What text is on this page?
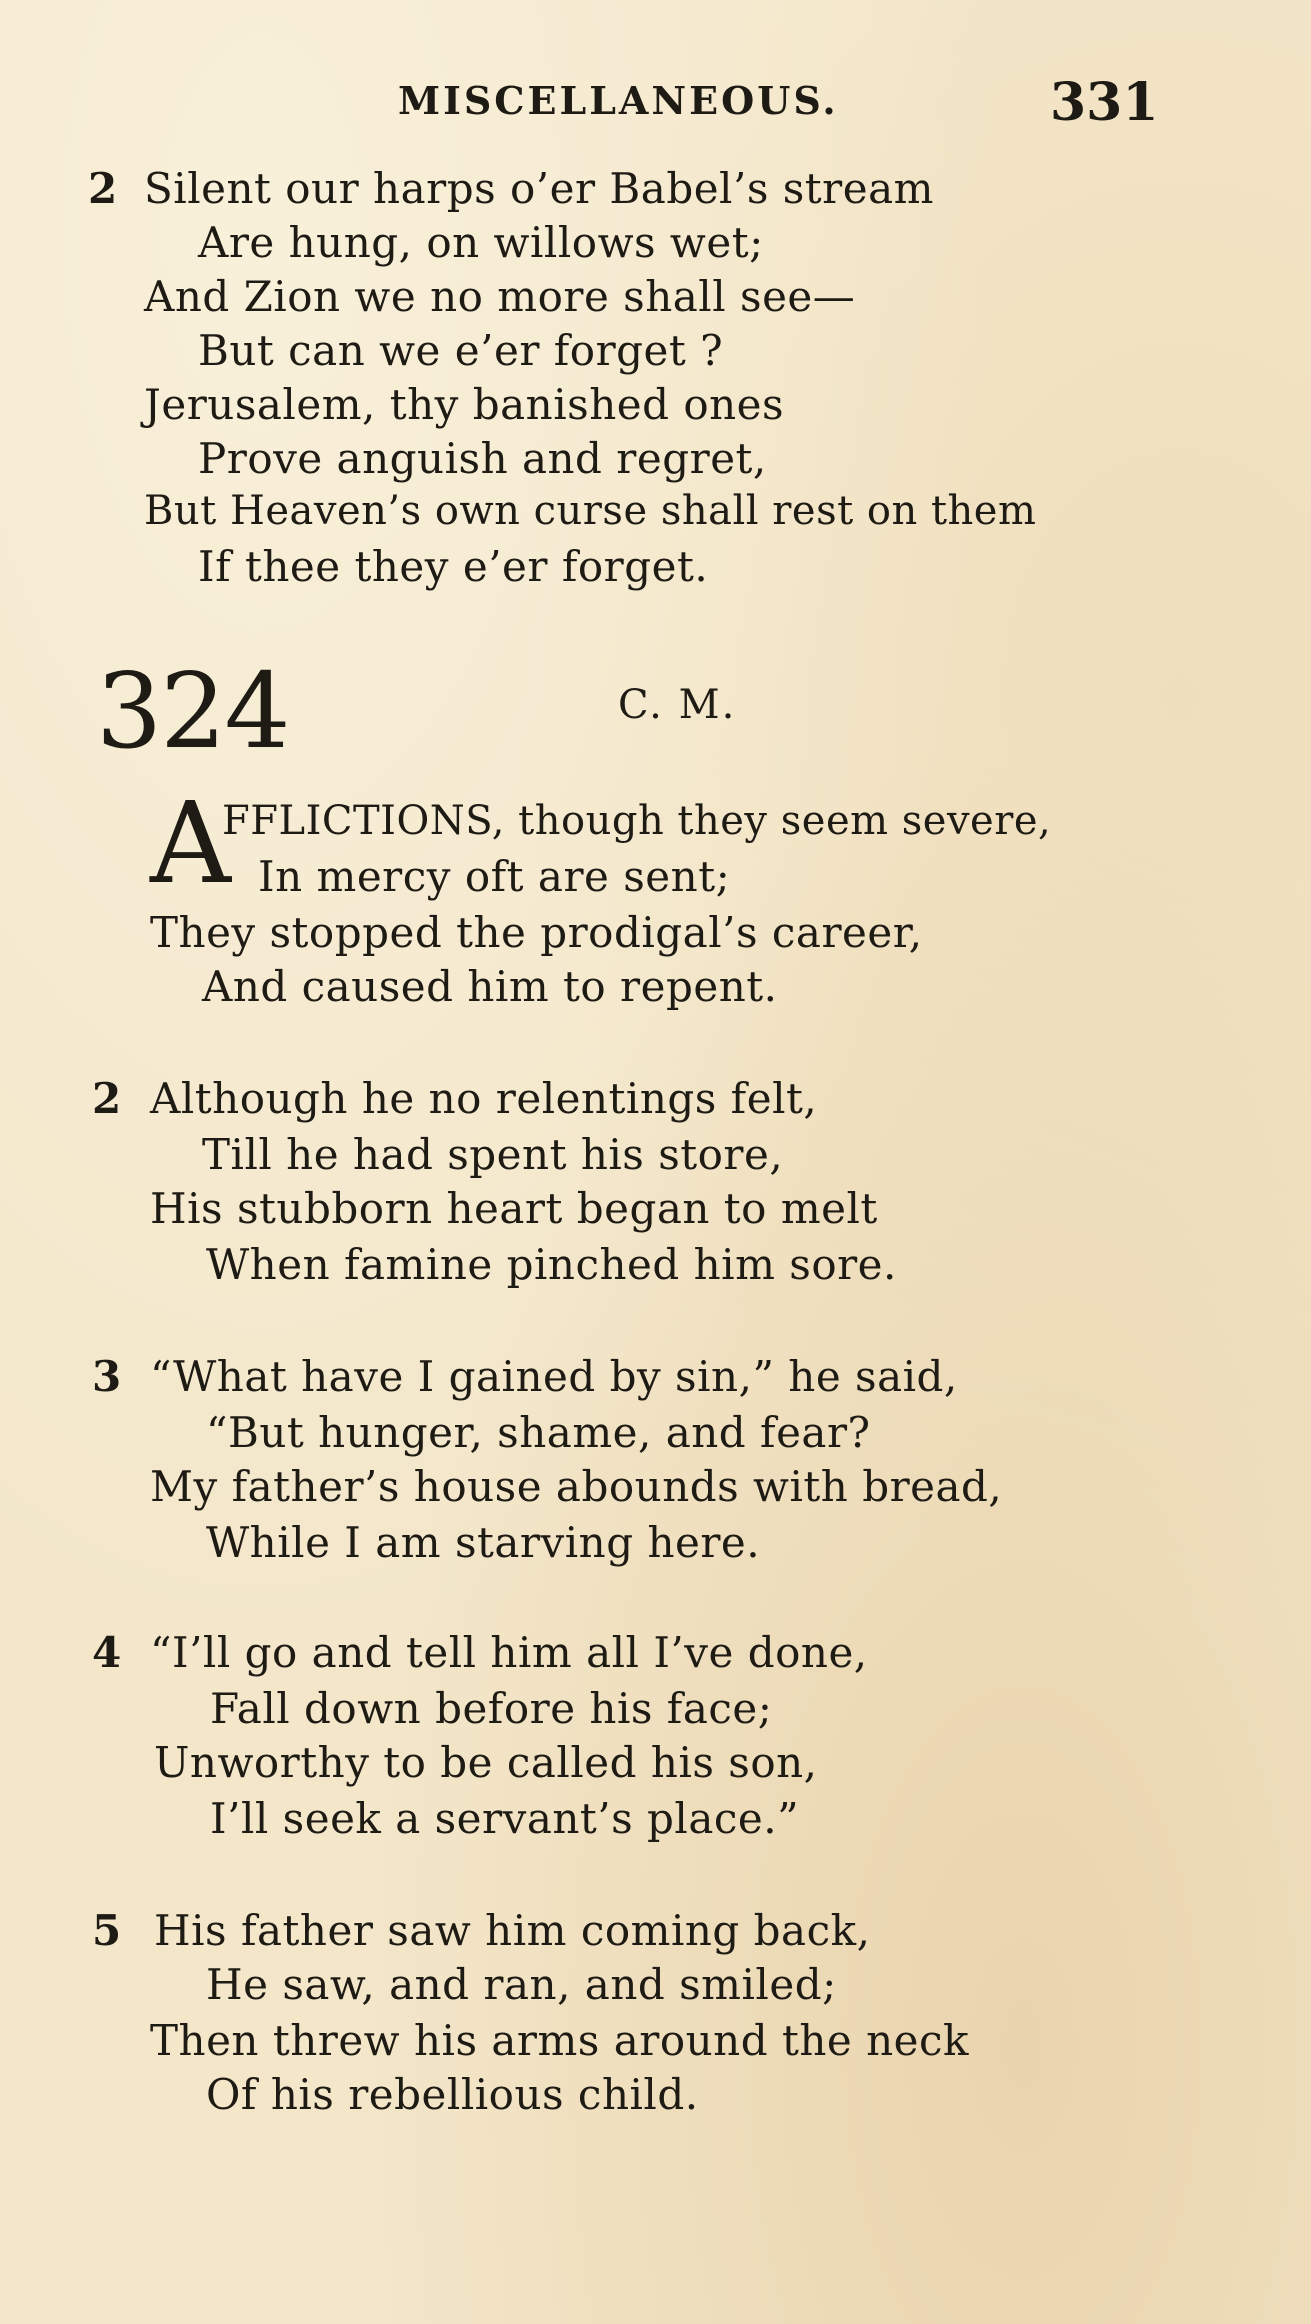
MISCELLANEOUS.	331
2 Silent our harps o’er Babel’s stream
Are hung, on willows wet;
And Zion we no more shall see—
But can we e’er forget ?
Jerusalem, thy banished ones
Prove anguish and regret,
But Heaven’s own curse shall rest on them
If thee they e’er forget.
324	C. M.
A
FFLICTIONS, though they seem severe,
In mercy oft are sent;
They stopped the prodigal’s career,
And caused him to repent.
2 Although he no relentings felt,
Till he had spent his store,
His stubborn heart began to melt
When famine pinched him sore.
3 “What have I gained by sin,” he said,
“But hunger, shame, and fear?
My father’s house abounds with bread,
While I am starving here.
4 “I’ll go and tell him all I’ve done,
Fall down before his face;
Unworthy to be called his son,
I’ll seek a servant’s place.”
5 His father saw him coming back,
He saw, and ran, and smiled;
Then threw his arms around the neck
Of his rebellious child.
